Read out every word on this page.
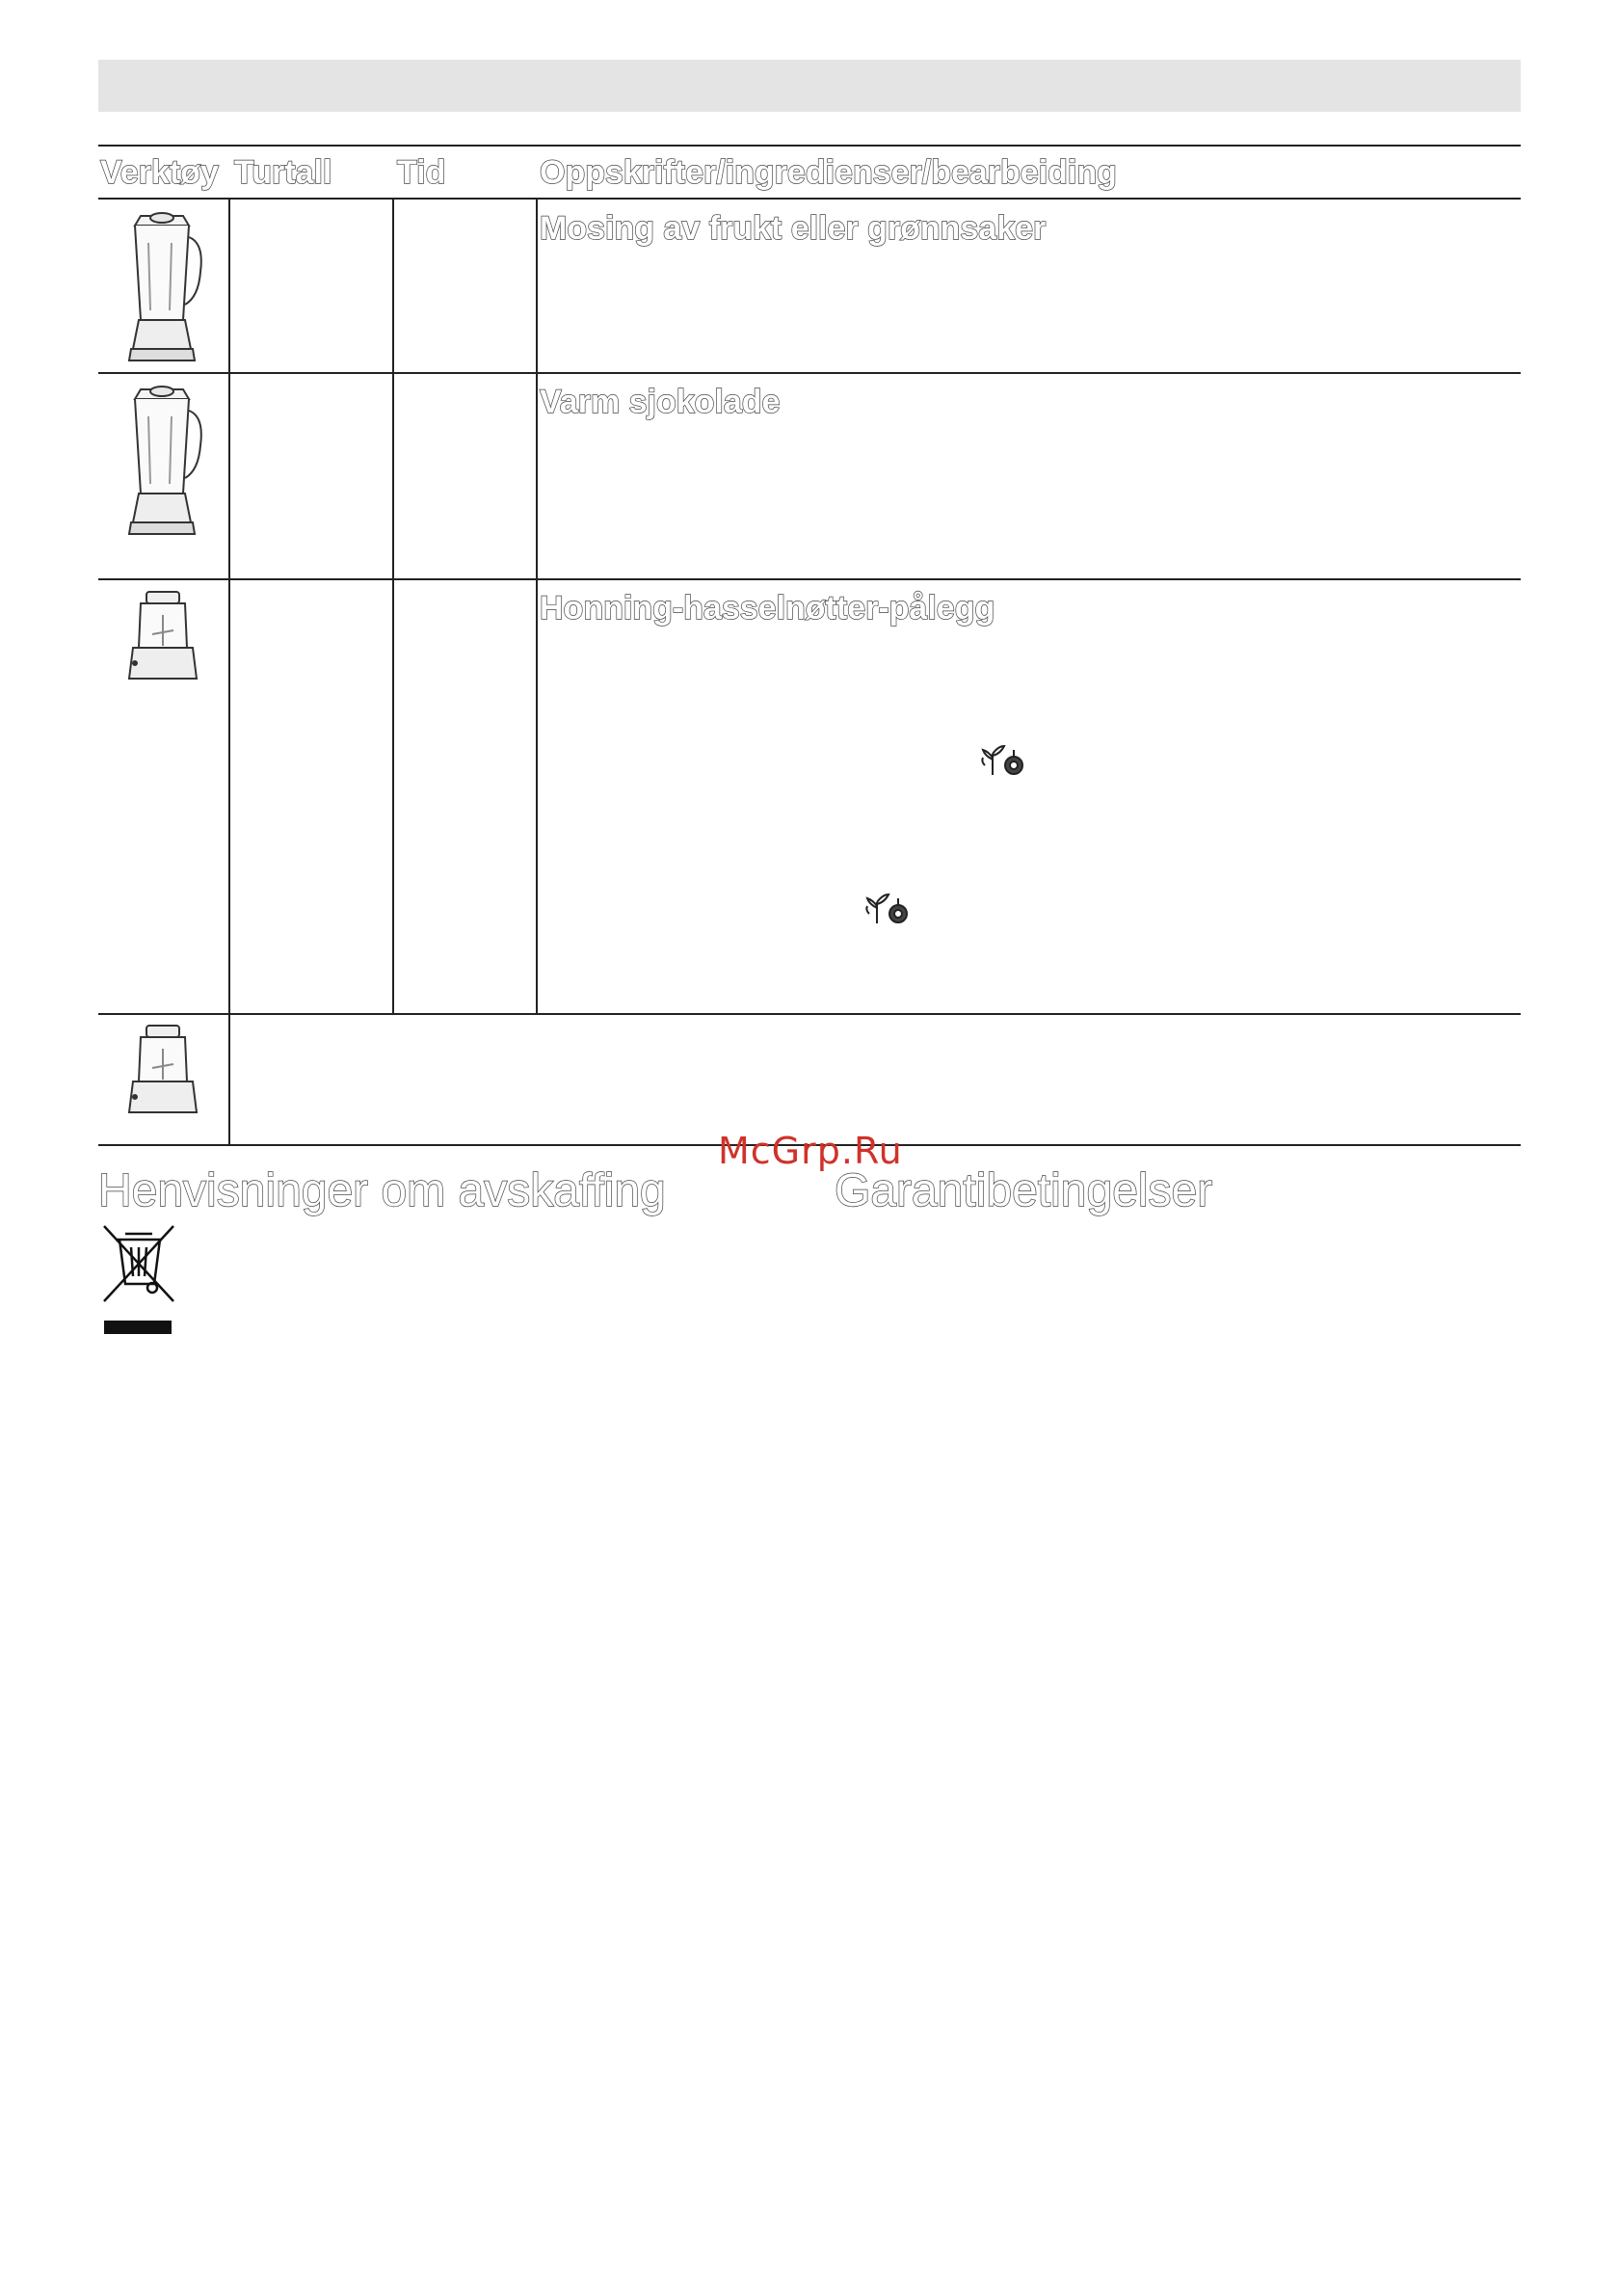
Verktøy Turtall Tid	Oppskrifter/ingredienser/bearbeiding
Mosing av frukt eller grønnsaker
Varm sjokolade
Honning-hasselnøtter-pålegg
McGrp.Ru
Henvisninger om avskaffing	Garantibetingelser
